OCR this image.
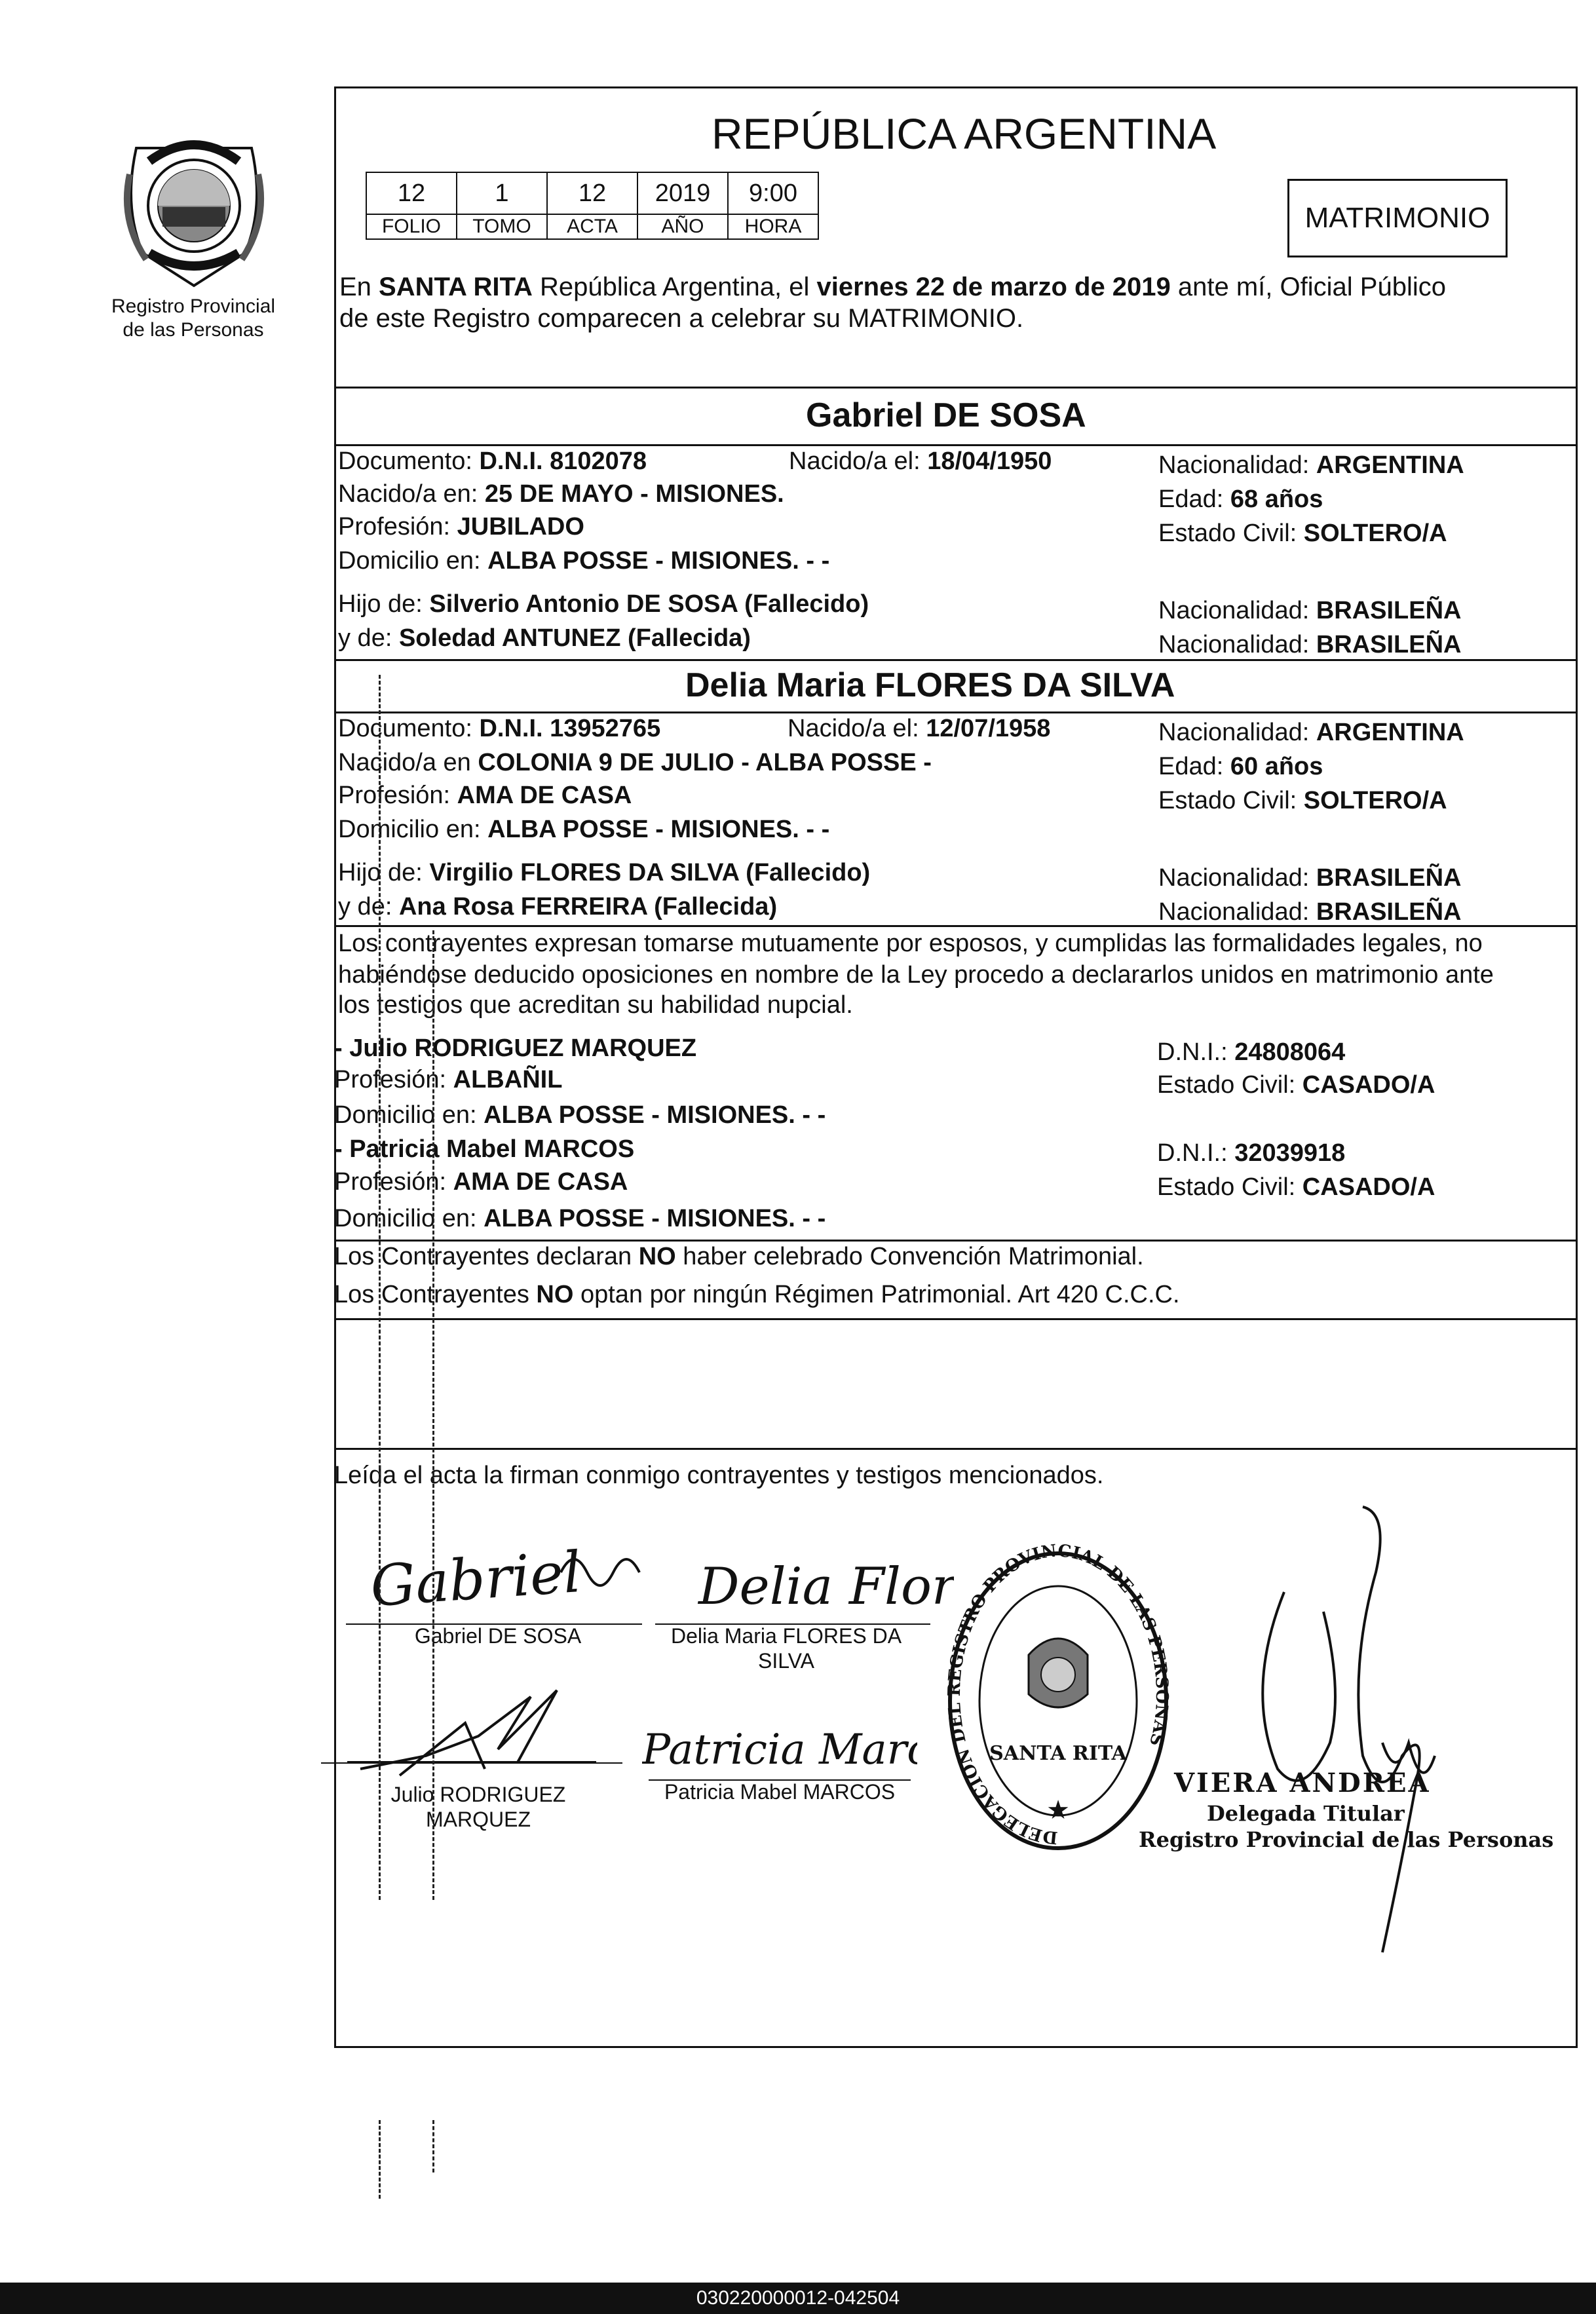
Registro Provincial
de las Personas
REPÚBLICA ARGENTINA
12	1	12	2019	9:00
FOLIO	TOMO	ACTA	AÑO	HORA	MATRIMONIO
En SANTA RITA República Argentina, el viernes 22 de marzo de 2019 ante mí, Oficial Público
de este Registro comparecen a celebrar su MATRIMONIO.
Gabriel DE SOSA
Documento: D.N.I. 8102078	Nacido/a el: 18/04/1950	Nacionalidad: ARGENTINA
Nacido/a en: 25 DE MAYO - MISIONES.	Edad: 68 años
Profesión: JUBILADO	Estado Civil: SOLTERO/A
Domicilio en: ALBA POSSE - MISIONES. - -
Hijo de: Silverio Antonio DE SOSA (Fallecido)	Nacionalidad: BRASILEÑA
y de: Soledad ANTUNEZ (Fallecida)	Nacionalidad: BRASILEÑA
Delia Maria FLORES DA SILVA
Documento: D.N.I. 13952765	Nacido/a el: 12/07/1958	Nacionalidad: ARGENTINA
Nacido/a en COLONIA 9 DE JULIO - ALBA POSSE -	Edad: 60 años
Profesión: AMA DE CASA	Estado Civil: SOLTERO/A
Domicilio en: ALBA POSSE - MISIONES. - -
Hijo de: Virgilio FLORES DA SILVA (Fallecido)	Nacionalidad: BRASILEÑA
y de: Ana Rosa FERREIRA (Fallecida)	Nacionalidad: BRASILEÑA
Los contrayentes expresan tomarse mutuamente por esposos, y cumplidas las formalidades legales, no
habiéndose deducido oposiciones en nombre de la Ley procedo a declararlos unidos en matrimonio ante
los testigos que acreditan su habilidad nupcial.
- Julio RODRIGUEZ MARQUEZ	D.N.I.: 24808064
Profesión: ALBAÑIL	Estado Civil: CASADO/A
Domicilio en: ALBA POSSE - MISIONES. - -
- Patricia Mabel MARCOS	D.N.I.: 32039918
Profesión: AMA DE CASA	Estado Civil: CASADO/A
Domicilio en: ALBA POSSE - MISIONES. - -
Los Contrayentes declaran NO haber celebrado Convención Matrimonial.
Los Contrayentes NO optan por ningún Régimen Patrimonial. Art 420 C.C.C.
Leída el acta la firman conmigo contrayentes y testigos mencionados.
Gabriel
Gabriel DE SOSA
Delia Flor
Delia Maria FLORES DA
SILVA
Julio RODRIGUEZ
MARQUEZ
Patricia Mar
Patricia Mabel MARCOS
DELEGACION DEL REGISTRO PROVINCIAL DE LAS PERSONAS
SANTA RITA
★
VIERA ANDREA
Delegada Titular
Registro Provincial de las Personas
030220000012-042504
